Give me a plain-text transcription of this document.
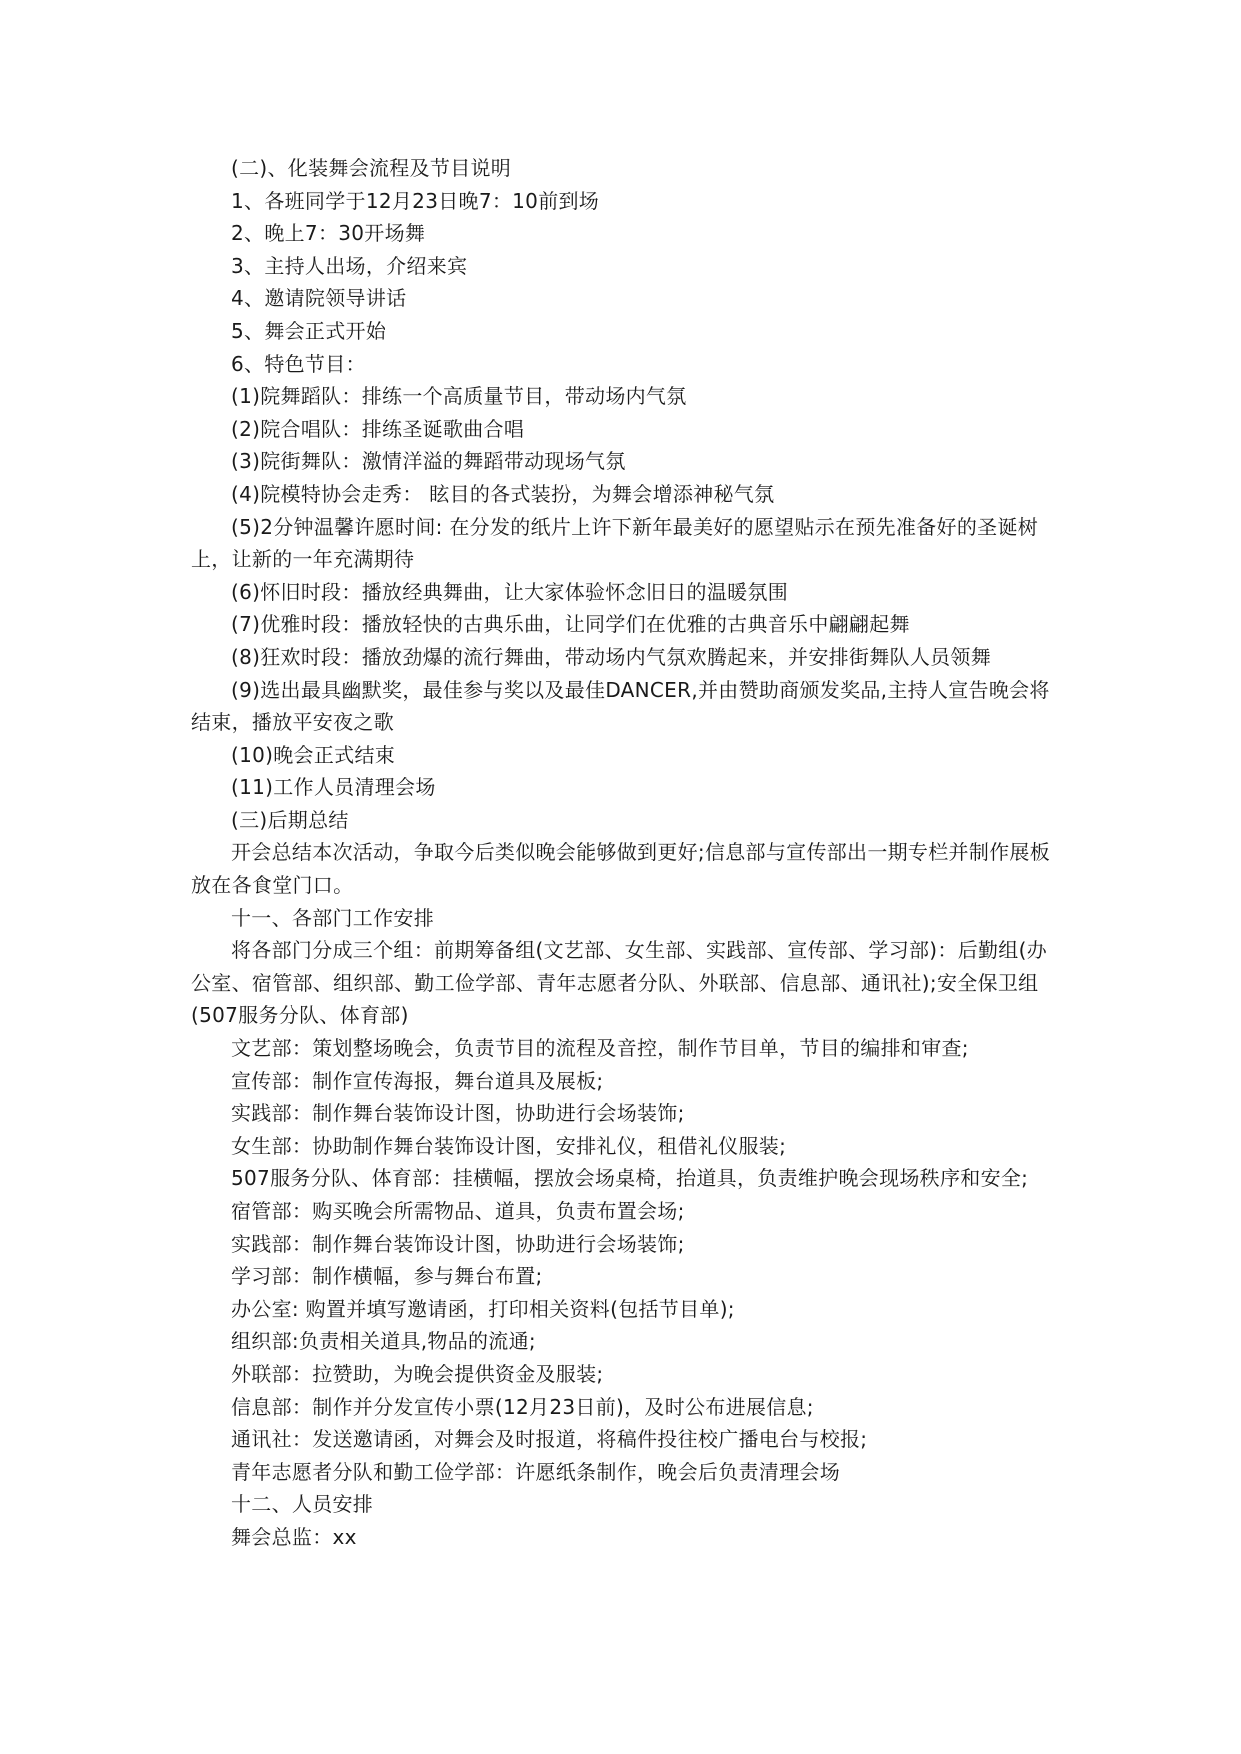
(二)、化装舞会流程及节目说明

1、各班同学于12月23日晚7：10前到场

2、晚上7：30开场舞

3、主持人出场，介绍来宾

4、邀请院领导讲话

5、舞会正式开始

6、特色节目：

(1)院舞蹈队：排练一个高质量节目，带动场内气氛

(2)院合唱队：排练圣诞歌曲合唱

(3)院街舞队：激情洋溢的舞蹈带动现场气氛

(4)院模特协会走秀： 眩目的各式装扮，为舞会增添神秘气氛

(5)2分钟温馨许愿时间: 在分发的纸片上许下新年最美好的愿望贴示在预先准备好的圣诞树上，让新的一年充满期待

(6)怀旧时段：播放经典舞曲，让大家体验怀念旧日的温暖氛围

(7)优雅时段：播放轻快的古典乐曲，让同学们在优雅的古典音乐中翩翩起舞

(8)狂欢时段：播放劲爆的流行舞曲，带动场内气氛欢腾起来，并安排街舞队人员领舞

(9)选出最具幽默奖，最佳参与奖以及最佳DANCER,并由赞助商颁发奖品,主持人宣告晚会将结束，播放平安夜之歌

(10)晚会正式结束

(11)工作人员清理会场

(三)后期总结

开会总结本次活动，争取今后类似晚会能够做到更好;信息部与宣传部出一期专栏并制作展板放在各食堂门口。

十一、各部门工作安排

将各部门分成三个组：前期筹备组(文艺部、女生部、实践部、宣传部、学习部)：后勤组(办公室、宿管部、组织部、勤工俭学部、青年志愿者分队、外联部、信息部、通讯社);安全保卫组(507服务分队、体育部)

文艺部：策划整场晚会，负责节目的流程及音控，制作节目单，节目的编排和审查;

宣传部：制作宣传海报，舞台道具及展板;

实践部：制作舞台装饰设计图，协助进行会场装饰;

女生部：协助制作舞台装饰设计图，安排礼仪，租借礼仪服装;

507服务分队、体育部：挂横幅，摆放会场桌椅，抬道具，负责维护晚会现场秩序和安全;

宿管部：购买晚会所需物品、道具，负责布置会场;

实践部：制作舞台装饰设计图，协助进行会场装饰;

学习部：制作横幅，参与舞台布置;

办公室: 购置并填写邀请函，打印相关资料(包括节目单);

组织部:负责相关道具,物品的流通;

外联部：拉赞助，为晚会提供资金及服装;

信息部：制作并分发宣传小票(12月23日前)，及时公布进展信息;

通讯社：发送邀请函，对舞会及时报道，将稿件投往校广播电台与校报;

青年志愿者分队和勤工俭学部：许愿纸条制作，晚会后负责清理会场

十二、人员安排

舞会总监：xx
